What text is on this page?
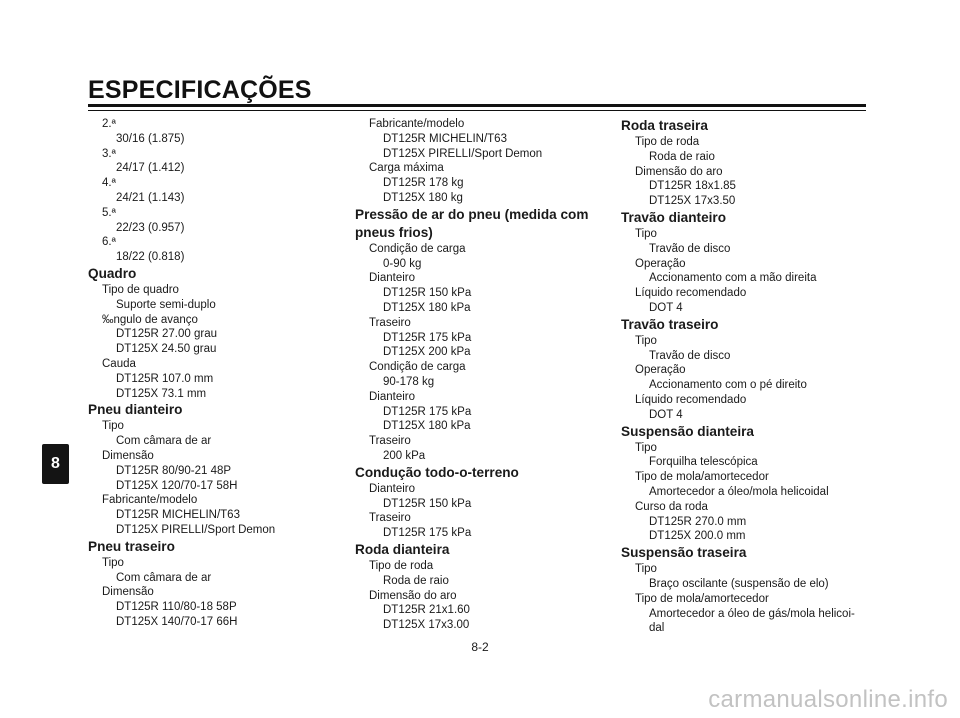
ESPECIFICAÇÕES
8
2.ª
30/16 (1.875)
3.ª
24/17 (1.412)
4.ª
24/21 (1.143)
5.ª
22/23 (0.957)
6.ª
18/22 (0.818)
Quadro
Tipo de quadro
Suporte semi-duplo
‰ngulo de avanço
DT125R 27.00 grau
DT125X 24.50 grau
Cauda
DT125R 107.0 mm
DT125X 73.1 mm
Pneu dianteiro
Tipo
Com câmara de ar
Dimensão
DT125R 80/90-21 48P
DT125X 120/70-17 58H
Fabricante/modelo
DT125R MICHELIN/T63
DT125X PIRELLI/Sport Demon
Pneu traseiro
Tipo
Com câmara de ar
Dimensão
DT125R 110/80-18 58P
DT125X 140/70-17 66H
Fabricante/modelo
DT125R MICHELIN/T63
DT125X PIRELLI/Sport Demon
Carga máxima
DT125R 178 kg
DT125X 180 kg
Pressão de ar do pneu (medida com pneus frios)
Condição de carga
0-90 kg
Dianteiro
DT125R 150 kPa
DT125X 180 kPa
Traseiro
DT125R 175 kPa
DT125X 200 kPa
Condição de carga
90-178 kg
Dianteiro
DT125R 175 kPa
DT125X 180 kPa
Traseiro
200 kPa
Condução todo-o-terreno
Dianteiro
DT125R 150 kPa
Traseiro
DT125R 175 kPa
Roda dianteira
Tipo de roda
Roda de raio
Dimensão do aro
DT125R 21x1.60
DT125X 17x3.00
Roda traseira
Tipo de roda
Roda de raio
Dimensão do aro
DT125R 18x1.85
DT125X 17x3.50
Travão dianteiro
Tipo
Travão de disco
Operação
Accionamento com a mão direita
Líquido recomendado
DOT 4
Travão traseiro
Tipo
Travão de disco
Operação
Accionamento com o pé direito
Líquido recomendado
DOT 4
Suspensão dianteira
Tipo
Forquilha telescópica
Tipo de mola/amortecedor
Amortecedor a óleo/mola helicoidal
Curso da roda
DT125R 270.0 mm
DT125X 200.0 mm
Suspensão traseira
Tipo
Braço oscilante (suspensão de elo)
Tipo de mola/amortecedor
Amortecedor a óleo de gás/mola helicoi-
dal
8-2
carmanualsonline.info
